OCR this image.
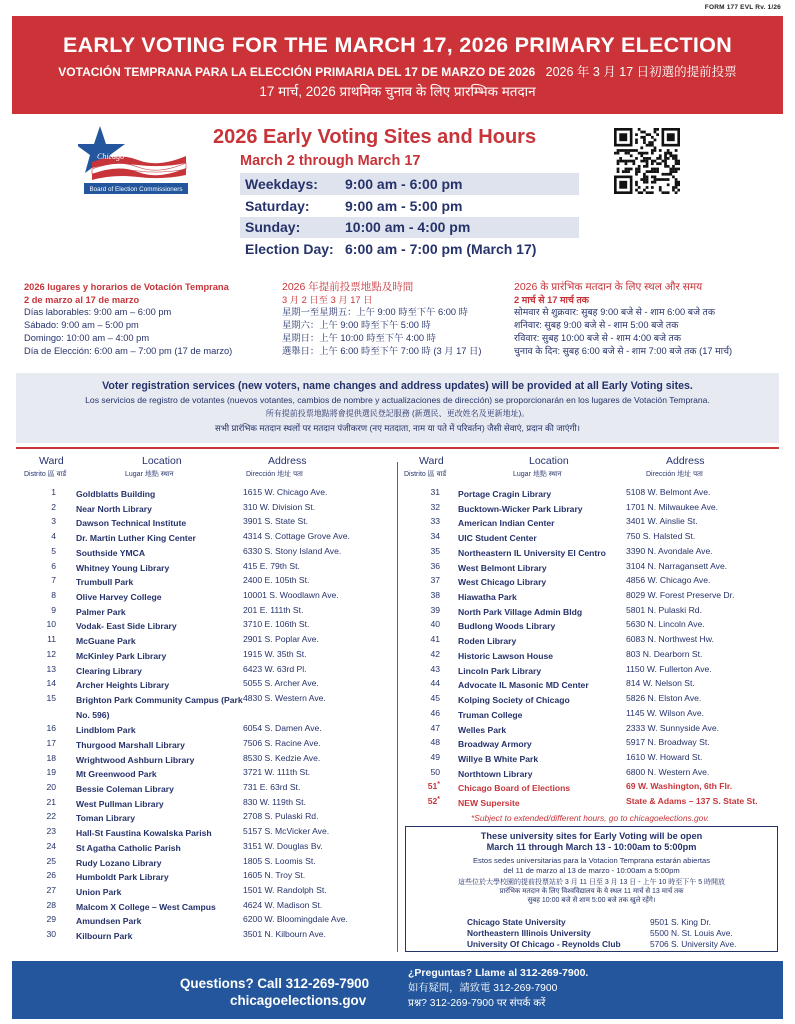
FORM 177 EVL Rv. 1/26
EARLY VOTING FOR THE MARCH 17, 2026 PRIMARY ELECTION
VOTACIÓN TEMPRANA PARA LA ELECCIÓN PRIMARIA DEL 17 DE MARZO DE 2026 2026 年 3 月 17 日初選的提前投票
17 मार्च, 2026 प्राथमिक चुनाव के लिए प्रारम्भिक मतदान
Chicago
Board of Election Commissioners
2026 Early Voting Sites and Hours
March 2 through March 17
Weekdays:	9:00 am - 6:00 pm
Saturday:	9:00 am - 5:00 pm
Sunday:	10:00 am - 4:00 pm
Election Day: 6:00 am - 7:00 pm (March 17)
2026 lugares y horarios de Votación Temprana
2 de marzo al 17 de marzo
Días laborables: 9:00 am – 6:00 pm
Sábado: 9:00 am – 5:00 pm
Domingo: 10:00 am – 4:00 pm
Día de Elección: 6:00 am – 7:00 pm (17 de marzo)
2026 年提前投票地點及時間
3 月 2 日至 3 月 17 日
星期一至星期五：上午 9:00 時至下午 6:00 時
星期六：上午 9:00 時至下午 5:00 時
星期日：上午 10:00 時至下午 4:00 時
選舉日：上午 6:00 時至下午 7:00 時 (3 月 17 日)
2026 के प्रारंभिक मतदान के लिए स्थल और समय
2 मार्च से 17 मार्च तक
सोमवार से शुक्रवार: सुबह 9:00 बजे से - शाम 6:00 बजे तक
शनिवार: सुबह 9:00 बजे से - शाम 5:00 बजे तक
रविवार: सुबह 10:00 बजे से - शाम 4:00 बजे तक
चुनाव के दिन: सुबह 6:00 बजे से - शाम 7:00 बजे तक (17 मार्च)
Voter registration services (new voters, name changes and address updates) will be provided at all Early Voting sites.
Los servicios de registro de votantes (nuevos votantes, cambios de nombre y actualizaciones de dirección) se proporcionarán en los lugares de Votación Temprana.
所有提前投票地點將會提供選民登記服務 (新選民、更改姓名及更新地址)。
सभी प्रारंभिक मतदान स्थलों पर मतदान पंजीकरण (नए मतदाता, नाम या पते में परिवर्तन) जैसी सेवाएं, प्रदान की जाएंगी।
Ward
Distrito 區 वार्ड
Location
Lugar 地點 स्थान
Address
Dirección 地址 पता
Ward
Distrito 區 वार्ड
Location
Lugar 地點 स्थान
Address
Dirección 地址 पता
1 Goldblatts Building	1615 W. Chicago Ave.
2 Near North Library	310 W. Division St.
3 Dawson Technical Institute	3901 S. State St.
4 Dr. Martin Luther King Center	4314 S. Cottage Grove Ave.
5 Southside YMCA	6330 S. Stony Island Ave.
6 Whitney Young Library	415 E. 79th St.
7 Trumbull Park	2400 E. 105th St.
8 Olive Harvey College	10001 S. Woodlawn Ave.
9 Palmer Park	201 E. 111th St.
10 Vodak- East Side Library	3710 E. 106th St.
11 McGuane Park	2901 S. Poplar Ave.
12 McKinley Park Library	1915 W. 35th St.
13 Clearing Library	6423 W. 63rd Pl.
14 Archer Heights Library	5055 S. Archer Ave.
15 Brighton Park Community Campus (Park No. 596)
4830 S. Western Ave.
16 Lindblom Park	6054 S. Damen Ave.
17 Thurgood Marshall Library	7506 S. Racine Ave.
18 Wrightwood Ashburn Library	8530 S. Kedzie Ave.
19 Mt Greenwood Park	3721 W. 111th St.
20 Bessie Coleman Library	731 E. 63rd St.
21 West Pullman Library	830 W. 119th St.
22 Toman Library	2708 S. Pulaski Rd.
23 Hall-St Faustina Kowalska Parish	5157 S. McVicker Ave.
24 St Agatha Catholic Parish	3151 W. Douglas Bv.
25 Rudy Lozano Library	1805 S. Loomis St.
26 Humboldt Park Library	1605 N. Troy St.
27 Union Park	1501 W. Randolph St.
28 Malcom X College – West Campus	4624 W. Madison St.
29 Amundsen Park	6200 W. Bloomingdale Ave.
30 Kilbourn Park	3501 N. Kilbourn Ave.
31 Portage Cragin Library	5108 W. Belmont Ave.
32 Bucktown-Wicker Park Library	1701 N. Milwaukee Ave.
33 American Indian Center	3401 W. Ainslie St.
34 UIC Student Center	750 S. Halsted St.
35 Northeastern IL University El Centro	3390 N. Avondale Ave.
36 West Belmont Library	3104 N. Narragansett Ave.
37 West Chicago Library	4856 W. Chicago Ave.
38 Hiawatha Park	8029 W. Forest Preserve Dr.
39 North Park Village Admin Bldg	5801 N. Pulaski Rd.
40 Budlong Woods Library	5630 N. Lincoln Ave.
41 Roden Library	6083 N. Northwest Hw.
42 Historic Lawson House	803 N. Dearborn St.
43 Lincoln Park Library	1150 W. Fullerton Ave.
44 Advocate IL Masonic MD Center	814 W. Nelson St.
45 Kolping Society of Chicago	5826 N. Elston Ave.
46 Truman College	1145 W. Wilson Ave.
47 Welles Park	2333 W. Sunnyside Ave.
48 Broadway Armory	5917 N. Broadway St.
49 Willye B White Park	1610 W. Howard St.
50 Northtown Library	6800 N. Western Ave.
51* Chicago Board of Elections	69 W. Washington, 6th Flr.
52* NEW Supersite	State & Adams – 137 S. State St.
*Subject to extended/different hours, go to chicagoelections.gov.
These university sites for Early Voting will be open
March 11 through March 13 - 10:00am to 5:00pm
Estos sedes universitarias para la Votacion Temprana estarán abiertas
del 11 de marzo al 13 de marzo - 10:00am a 5:00pm
這些位於大學校園的提前投票站於 3 月 11 日至 3 月 13 日 - 上午 10 時至下午 5 時開放
प्रारंभिक मतदान के लिए विश्वविद्यालय के ये स्थल 11 मार्च से 13 मार्च तक
सुबह 10:00 बजे से शाम 5:00 बजे तक खुले रहेंगे।
Chicago State University	9501 S. King Dr.
Northeastern Illinois University	5500 N. St. Louis Ave.
University Of Chicago - Reynolds Club	5706 S. University Ave.
Questions? Call 312-269-7900
chicagoelections.gov
¿Preguntas? Llame al 312-269-7900.
如有疑問，請致電 312-269-7900
प्रश्न? 312-269-7900 पर संपर्क करें
